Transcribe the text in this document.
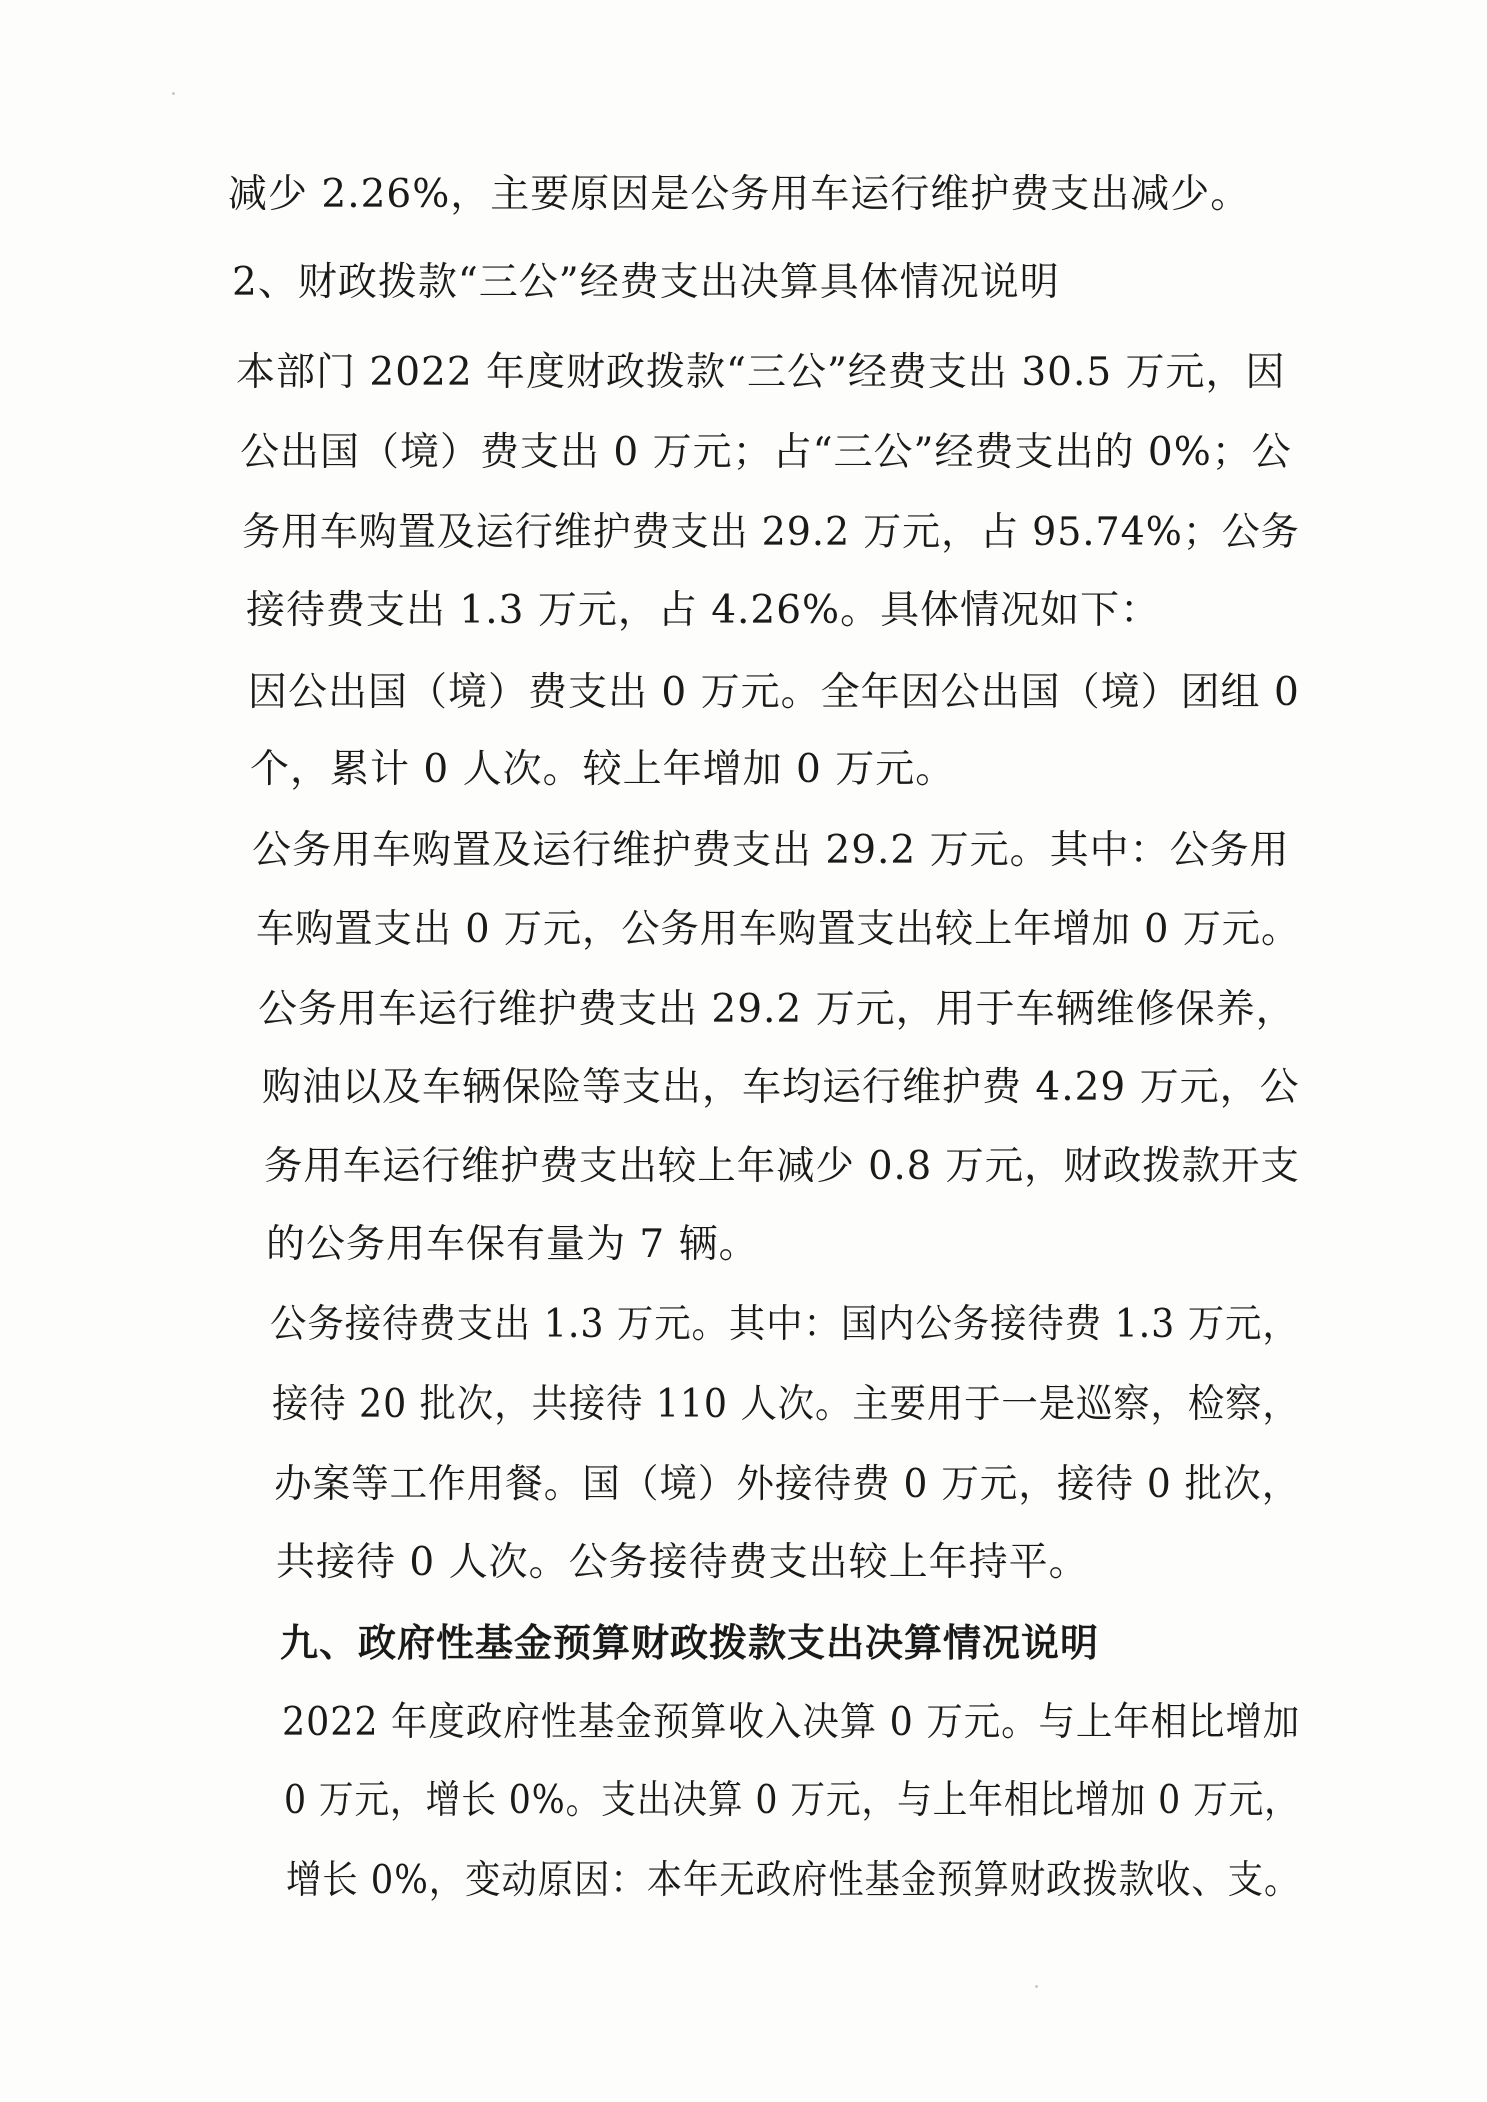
减少 2.26%，主要原因是公务用车运行维护费支出减少。
2、财政拨款“三公”经费支出决算具体情况说明
本部门 2022 年度财政拨款“三公”经费支出 30.5 万元，因
公出国（境）费支出 0 万元；占“三公”经费支出的 0%；公
务用车购置及运行维护费支出 29.2 万元，占 95.74%；公务
接待费支出 1.3 万元，占 4.26%。具体情况如下：
因公出国（境）费支出 0 万元。全年因公出国（境）团组 0
个，累计 0 人次。较上年增加 0 万元。
公务用车购置及运行维护费支出 29.2 万元。其中：公务用
车购置支出 0 万元，公务用车购置支出较上年增加 0 万元。
公务用车运行维护费支出 29.2 万元，用于车辆维修保养，
购油以及车辆保险等支出，车均运行维护费 4.29 万元，公
务用车运行维护费支出较上年减少 0.8 万元，财政拨款开支
的公务用车保有量为 7 辆。
公务接待费支出 1.3 万元。其中：国内公务接待费 1.3 万元，
接待 20 批次，共接待 110 人次。主要用于一是巡察，检察，
办案等工作用餐。国（境）外接待费 0 万元，接待 0 批次，
共接待 0 人次。公务接待费支出较上年持平。
九、政府性基金预算财政拨款支出决算情况说明
2022 年度政府性基金预算收入决算 0 万元。与上年相比增加
0 万元，增长 0%。支出决算 0 万元，与上年相比增加 0 万元，
增长 0%，变动原因：本年无政府性基金预算财政拨款收、支。
